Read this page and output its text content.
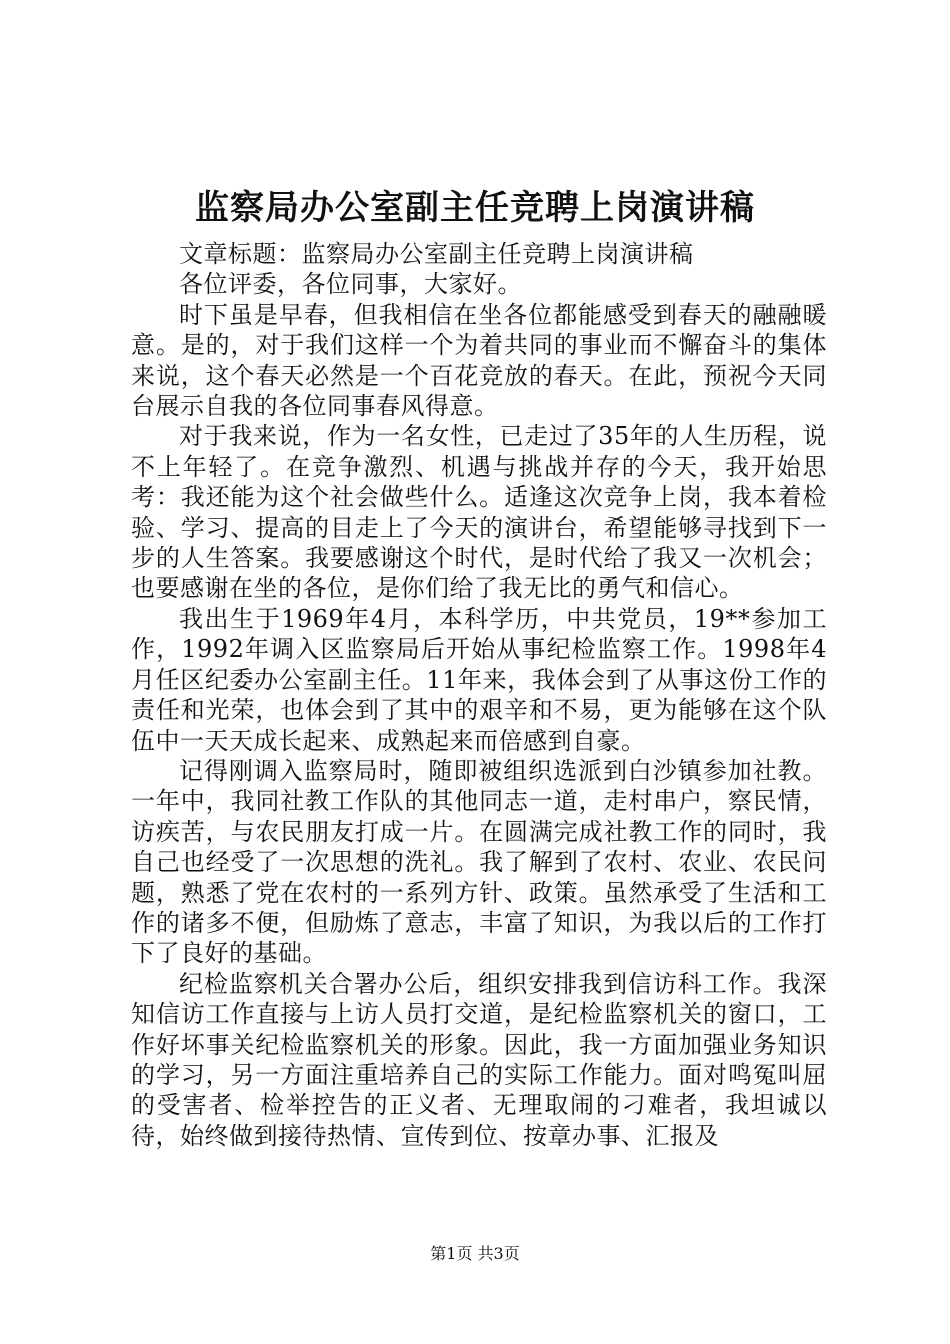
监察局办公室副主任竞聘上岗演讲稿

文章标题：监察局办公室副主任竞聘上岗演讲稿

各位评委，各位同事，大家好。

时下虽是早春，但我相信在坐各位都能感受到春天的融融暖意。是的，对于我们这样一个为着共同的事业而不懈奋斗的集体来说，这个春天必然是一个百花竞放的春天。在此，预祝今天同台展示自我的各位同事春风得意。

对于我来说，作为一名女性，已走过了35年的人生历程，说不上年轻了。在竞争激烈、机遇与挑战并存的今天，我开始思考：我还能为这个社会做些什么。适逢这次竞争上岗，我本着检验、学习、提高的目走上了今天的演讲台，希望能够寻找到下一步的人生答案。我要感谢这个时代，是时代给了我又一次机会；也要感谢在坐的各位，是你们给了我无比的勇气和信心。

我出生于1969年4月，本科学历，中共党员，19**参加工作，1992年调入区监察局后开始从事纪检监察工作。1998年4月任区纪委办公室副主任。11年来，我体会到了从事这份工作的责任和光荣，也体会到了其中的艰辛和不易，更为能够在这个队伍中一天天成长起来、成熟起来而倍感到自豪。

记得刚调入监察局时，随即被组织选派到白沙镇参加社教。一年中，我同社教工作队的其他同志一道，走村串户，察民情，访疾苦，与农民朋友打成一片。在圆满完成社教工作的同时，我自己也经受了一次思想的洗礼。我了解到了农村、农业、农民问题，熟悉了党在农村的一系列方针、政策。虽然承受了生活和工作的诸多不便，但励炼了意志，丰富了知识，为我以后的工作打下了良好的基础。

纪检监察机关合署办公后，组织安排我到信访科工作。我深知信访工作直接与上访人员打交道，是纪检监察机关的窗口，工作好坏事关纪检监察机关的形象。因此，我一方面加强业务知识的学习，另一方面注重培养自己的实际工作能力。面对鸣冤叫屈的受害者、检举控告的正义者、无理取闹的刁难者，我坦诚以待，始终做到接待热情、宣传到位、按章办事、汇报及

第1页 共3页
